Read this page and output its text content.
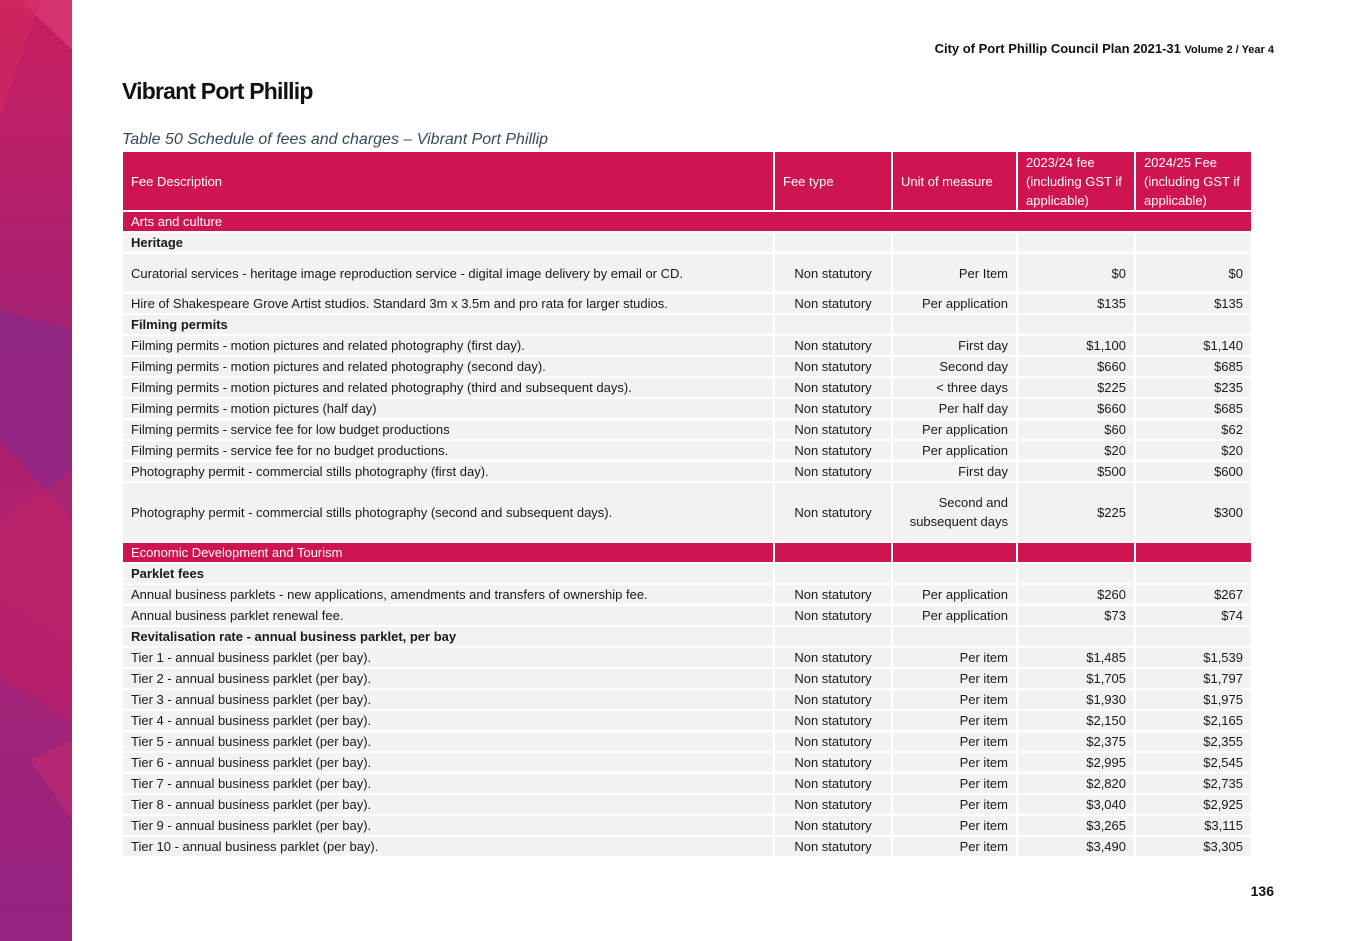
City of Port Phillip Council Plan 2021-31 Volume 2 / Year 4
Vibrant Port Phillip
Table 50 Schedule of fees and charges – Vibrant Port Phillip
Fee Description	Fee type	Unit of measure	2023/24 fee (including GST if applicable)	2024/25 Fee (including GST if applicable)
Arts and culture				
Heritage				
Curatorial services - heritage image reproduction service - digital image delivery by email or CD.	Non statutory	Per Item	$0	$0
Hire of Shakespeare Grove Artist studios. Standard 3m x 3.5m and pro rata for larger studios.	Non statutory	Per application	$135	$135
Filming permits				
Filming permits - motion pictures and related photography (first day).	Non statutory	First day	$1,100	$1,140
Filming permits - motion pictures and related photography (second day).	Non statutory	Second day	$660	$685
Filming permits - motion pictures and related photography (third and subsequent days).	Non statutory	< three days	$225	$235
Filming permits - motion pictures (half day)	Non statutory	Per half day	$660	$685
Filming permits - service fee for low budget productions	Non statutory	Per application	$60	$62
Filming permits - service fee for no budget productions.	Non statutory	Per application	$20	$20
Photography permit - commercial stills photography (first day).	Non statutory	First day	$500	$600
Photography permit - commercial stills photography (second and subsequent days).	Non statutory	Second and subsequent days	$225	$300
Economic Development and Tourism				
Parklet fees				
Annual business parklets - new applications, amendments and transfers of ownership fee.	Non statutory	Per application	$260	$267
Annual business parklet renewal fee.	Non statutory	Per application	$73	$74
Revitalisation rate - annual business parklet, per bay				
Tier 1 - annual business parklet (per bay).	Non statutory	Per item	$1,485	$1,539
Tier 2 - annual business parklet (per bay).	Non statutory	Per item	$1,705	$1,797
Tier 3 - annual business parklet (per bay).	Non statutory	Per item	$1,930	$1,975
Tier 4 - annual business parklet (per bay).	Non statutory	Per item	$2,150	$2,165
Tier 5 - annual business parklet (per bay).	Non statutory	Per item	$2,375	$2,355
Tier 6 - annual business parklet (per bay).	Non statutory	Per item	$2,995	$2,545
Tier 7 - annual business parklet (per bay).	Non statutory	Per item	$2,820	$2,735
Tier 8 - annual business parklet (per bay).	Non statutory	Per item	$3,040	$2,925
Tier 9 - annual business parklet (per bay).	Non statutory	Per item	$3,265	$3,115
Tier 10 - annual business parklet (per bay).	Non statutory	Per item	$3,490	$3,305
136
